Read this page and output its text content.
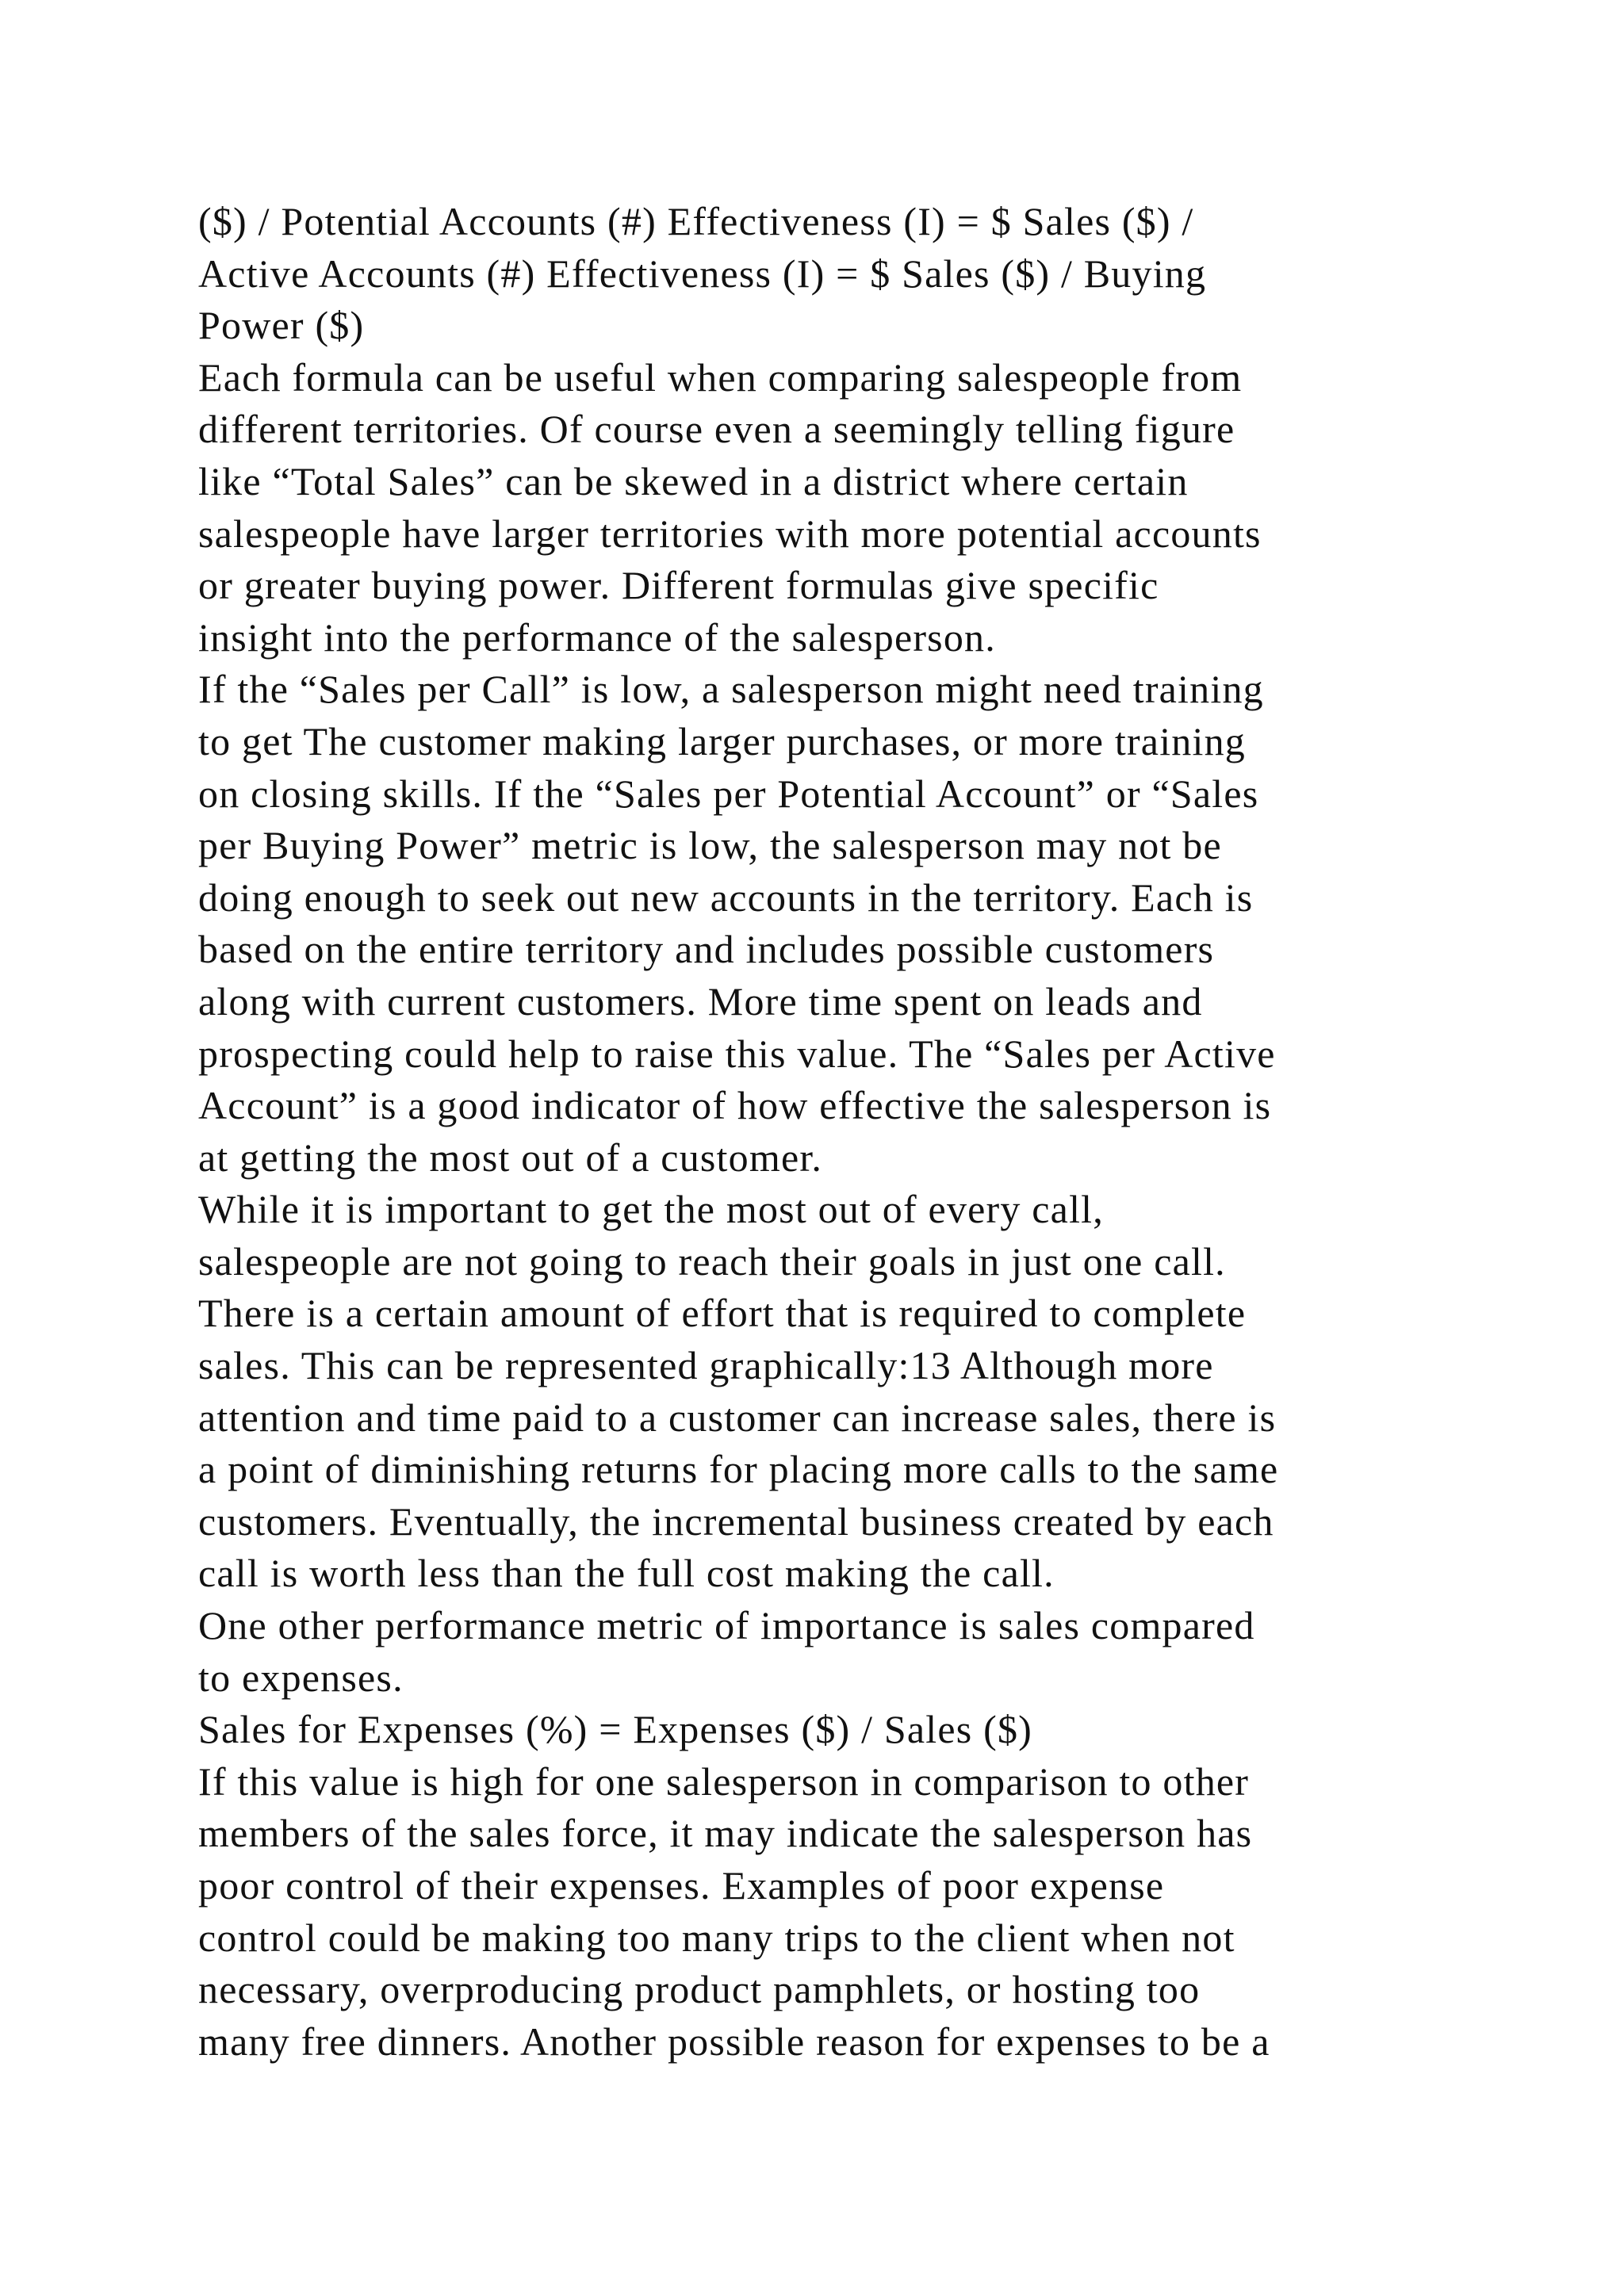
($) / Potential Accounts (#) Effectiveness (I) = $ Sales ($) /
Active Accounts (#) Effectiveness (I) = $ Sales ($) / Buying
Power ($)
Each formula can be useful when comparing salespeople from
different territories. Of course even a seemingly telling figure
like “Total Sales” can be skewed in a district where certain
salespeople have larger territories with more potential accounts
or greater buying power. Different formulas give specific
insight into the performance of the salesperson.
If the “Sales per Call” is low, a salesperson might need training
to get The customer making larger purchases, or more training
on closing skills. If the “Sales per Potential Account” or “Sales
per Buying Power” metric is low, the salesperson may not be
doing enough to seek out new accounts in the territory. Each is
based on the entire territory and includes possible customers
along with current customers. More time spent on leads and
prospecting could help to raise this value. The “Sales per Active
Account” is a good indicator of how effective the salesperson is
at getting the most out of a customer.
While it is important to get the most out of every call,
salespeople are not going to reach their goals in just one call.
There is a certain amount of effort that is required to complete
sales. This can be represented graphically:13 Although more
attention and time paid to a customer can increase sales, there is
a point of diminishing returns for placing more calls to the same
customers. Eventually, the incremental business created by each
call is worth less than the full cost making the call.
One other performance metric of importance is sales compared
to expenses.
Sales for Expenses (%) = Expenses ($) / Sales ($)
If this value is high for one salesperson in comparison to other
members of the sales force, it may indicate the salesperson has
poor control of their expenses. Examples of poor expense
control could be making too many trips to the client when not
necessary, overproducing product pamphlets, or hosting too
many free dinners. Another possible reason for expenses to be a
